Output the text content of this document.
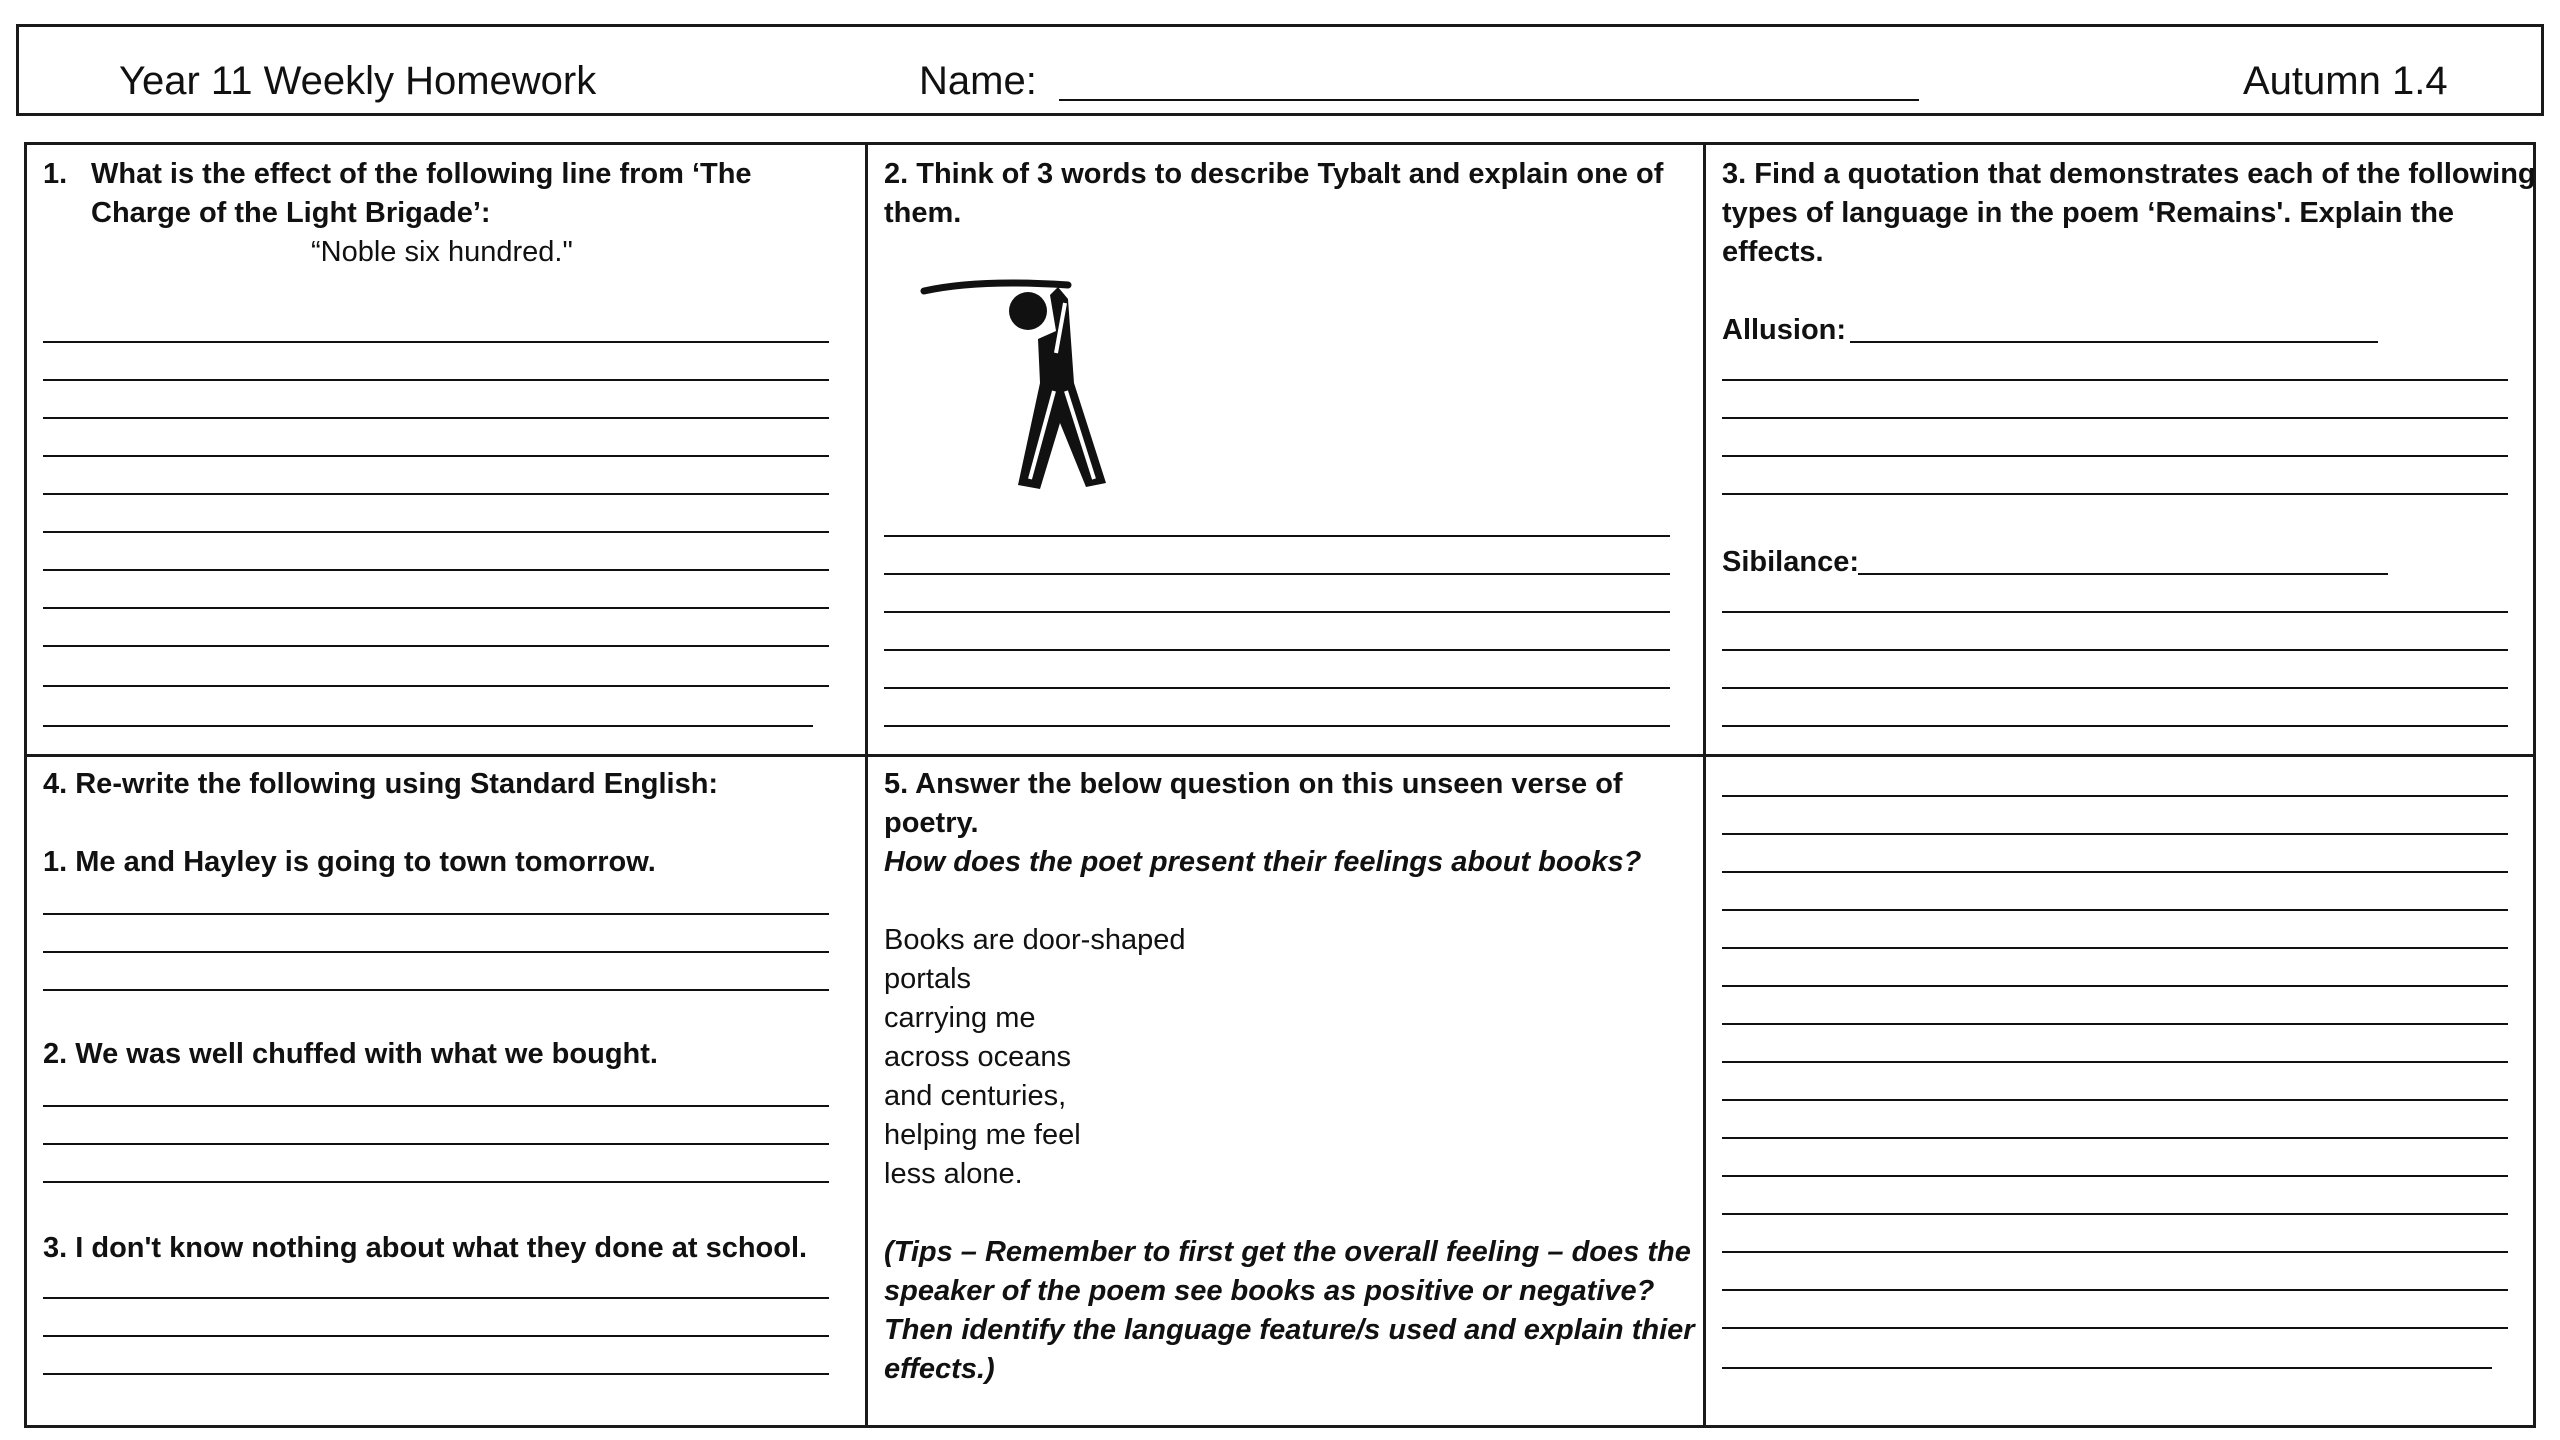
Year 11 Weekly Homework	Name:	Autumn 1.4
1. What is the effect of the following line from ‘The
Charge of the Light Brigade’:
“Noble six hundred."
2. Think of 3 words to describe Tybalt and explain one of
them.
3. Find a quotation that demonstrates each of the following
types of language in the poem ‘Remains'. Explain the
effects.
Allusion:
Sibilance:
4. Re-write the following using Standard English:
1. Me and Hayley is going to town tomorrow.
2. We was well chuffed with what we bought.
3. I don't know nothing about what they done at school.
5. Answer the below question on this unseen verse of
poetry.
How does the poet present their feelings about books?
Books are door-shaped
portals
carrying me
across oceans
and centuries,
helping me feel
less alone.
(Tips – Remember to first get the overall feeling – does the
speaker of the poem see books as positive or negative?
Then identify the language feature/s used and explain thier
effects.)
